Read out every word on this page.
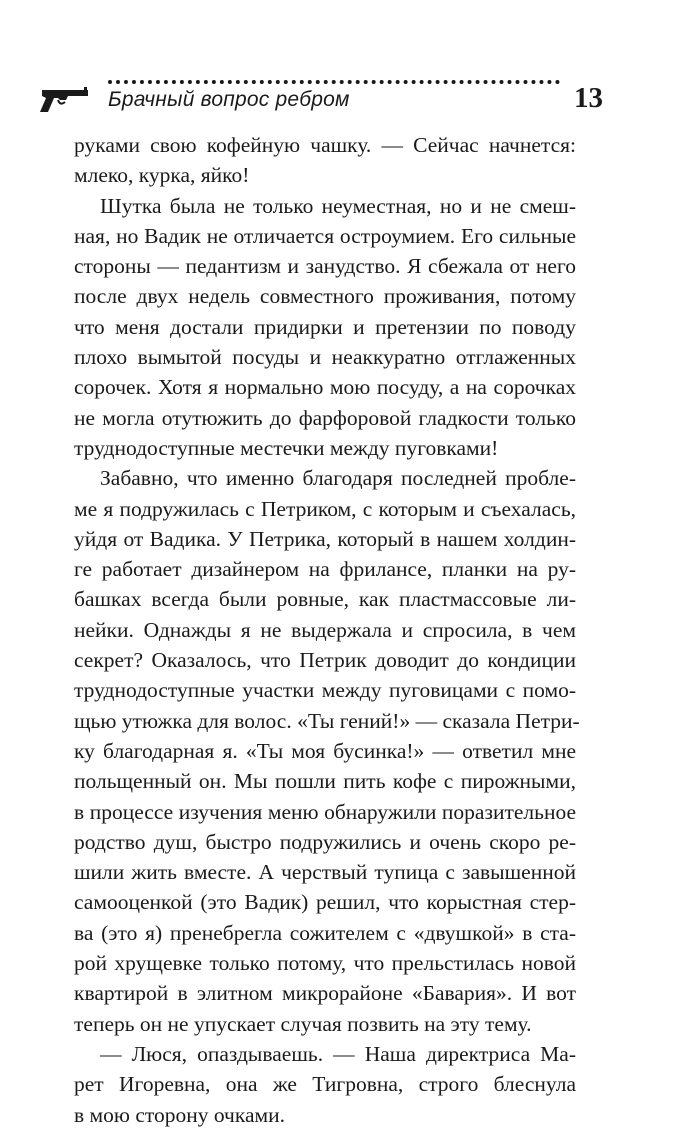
Брачный вопрос ребром	13
руками свою кофейную чашку. — Сейчас начнется:
млеко, курка, яйко!
Шутка была не только неуместная, но и не смеш-
ная, но Вадик не отличается остроумием. Его сильные
стороны — педантизм и занудство. Я сбежала от него
после двух недель совместного проживания, потому
что меня достали придирки и претензии по поводу
плохо вымытой посуды и неаккуратно отглаженных
сорочек. Хотя я нормально мою посуду, а на сорочках
не могла отутюжить до фарфоровой гладкости только
труднодоступные местечки между пуговками!
Забавно, что именно благодаря последней пробле-
ме я подружилась с Петриком, с которым и съехалась,
уйдя от Вадика. У Петрика, который в нашем холдин-
ге работает дизайнером на фрилансе, планки на ру-
башках всегда были ровные, как пластмассовые ли-
нейки. Однажды я не выдержала и спросила, в чем
секрет? Оказалось, что Петрик доводит до кондиции
труднодоступные участки между пуговицами с помо-
щью утюжка для волос. «Ты гений!» — сказала Петри-
ку благодарная я. «Ты моя бусинка!» — ответил мне
польщенный он. Мы пошли пить кофе с пирожными,
в процессе изучения меню обнаружили поразительное
родство душ, быстро подружились и очень скоро ре-
шили жить вместе. А черствый тупица с завышенной
самооценкой (это Вадик) решил, что корыстная стер-
ва (это я) пренебрегла сожителем с «двушкой» в ста-
рой хрущевке только потому, что прельстилась новой
квартирой в элитном микрорайоне «Бавария». И вот
теперь он не упускает случая позвить на эту тему.
— Люся, опаздываешь. — Наша директриса Ма-
рет Игоревна, она же Тигровна, строго блеснула
в мою сторону очками.
